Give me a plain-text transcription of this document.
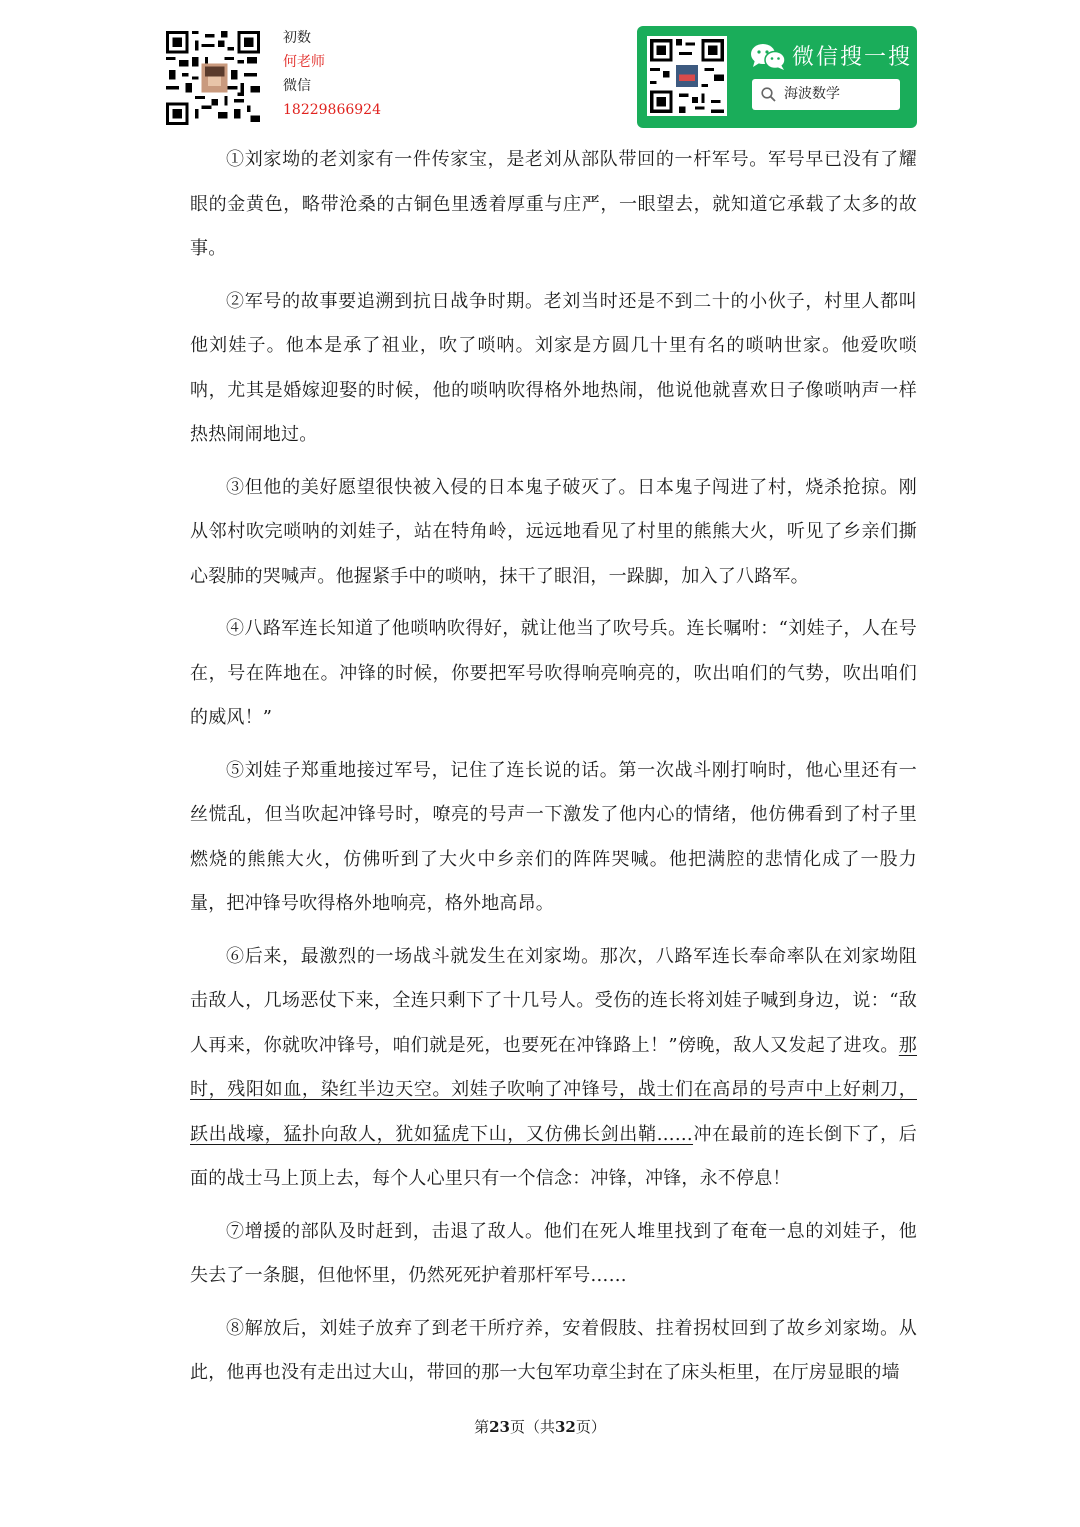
初数
何老师
微信
18229866924
微信搜一搜
海波数学

①刘家坳的老刘家有一件传家宝，是老刘从部队带回的一杆军号。军号早已没有了耀眼的金黄色，略带沧桑的古铜色里透着厚重与庄严，一眼望去，就知道它承载了太多的故事。

②军号的故事要追溯到抗日战争时期。老刘当时还是不到二十的小伙子，村里人都叫他刘娃子。他本是承了祖业，吹了唢呐。刘家是方圆几十里有名的唢呐世家。他爱吹唢呐，尤其是婚嫁迎娶的时候，他的唢呐吹得格外地热闹，他说他就喜欢日子像唢呐声一样热热闹闹地过。

③但他的美好愿望很快被入侵的日本鬼子破灭了。日本鬼子闯进了村，烧杀抢掠。刚从邻村吹完唢呐的刘娃子，站在特角岭，远远地看见了村里的熊熊大火，听见了乡亲们撕心裂肺的哭喊声。他握紧手中的唢呐，抹干了眼泪，一跺脚，加入了八路军。

④八路军连长知道了他唢呐吹得好，就让他当了吹号兵。连长嘱咐：“刘娃子，人在号在，号在阵地在。冲锋的时候，你要把军号吹得响亮响亮的，吹出咱们的气势，吹出咱们的威风！”

⑤刘娃子郑重地接过军号，记住了连长说的话。第一次战斗刚打响时，他心里还有一丝慌乱，但当吹起冲锋号时，嘹亮的号声一下激发了他内心的情绪，他仿佛看到了村子里燃烧的熊熊大火，仿佛听到了大火中乡亲们的阵阵哭喊。他把满腔的悲情化成了一股力量，把冲锋号吹得格外地响亮，格外地高昂。

⑥后来，最激烈的一场战斗就发生在刘家坳。那次，八路军连长奉命率队在刘家坳阻击敌人，几场恶仗下来，全连只剩下了十几号人。受伤的连长将刘娃子喊到身边，说：“敌人再来，你就吹冲锋号，咱们就是死，也要死在冲锋路上！”傍晚，敌人又发起了进攻。那时，残阳如血，染红半边天空。刘娃子吹响了冲锋号，战士们在高昂的号声中上好刺刀，跃出战壕，猛扑向敌人，犹如猛虎下山，又仿佛长剑出鞘……冲在最前的连长倒下了，后面的战士马上顶上去，每个人心里只有一个信念：冲锋，冲锋，永不停息！

⑦增援的部队及时赶到，击退了敌人。他们在死人堆里找到了奄奄一息的刘娃子，他失去了一条腿，但他怀里，仍然死死护着那杆军号……

⑧解放后，刘娃子放弃了到老干所疗养，安着假肢、拄着拐杖回到了故乡刘家坳。从此，他再也没有走出过大山，带回的那一大包军功章尘封在了床头柜里，在厅房显眼的墙

第23页（共32页）
